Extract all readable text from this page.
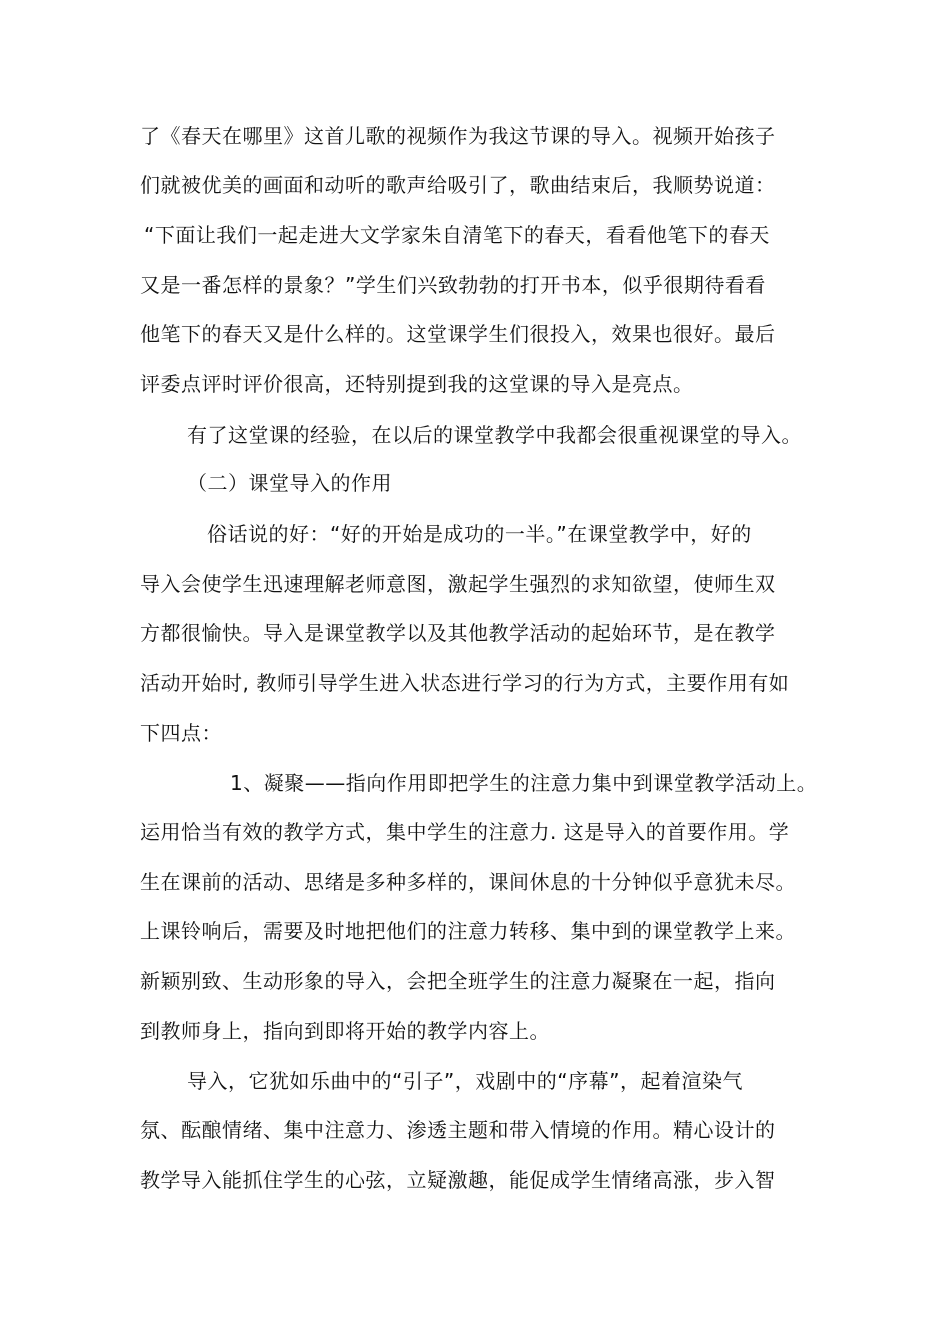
了《春天在哪里》这首儿歌的视频作为我这节课的导入。视频开始孩子
们就被优美的画面和动听的歌声给吸引了，歌曲结束后，我顺势说道：
“下面让我们一起走进大文学家朱自清笔下的春天，看看他笔下的春天
又是一番怎样的景象？”学生们兴致勃勃的打开书本，似乎很期待看看
他笔下的春天又是什么样的。这堂课学生们很投入，效果也很好。最后
评委点评时评价很高，还特别提到我的这堂课的导入是亮点。
有了这堂课的经验，在以后的课堂教学中我都会很重视课堂的导入。
（二）课堂导入的作用
俗话说的好：“好的开始是成功的一半。”在课堂教学中，好的
导入会使学生迅速理解老师意图，激起学生强烈的求知欲望，使师生双
方都很愉快。导入是课堂教学以及其他教学活动的起始环节，是在教学
活动开始时, 教师引导学生进入状态进行学习的行为方式，主要作用有如
下四点：
1、凝聚——指向作用即把学生的注意力集中到课堂教学活动上。
运用恰当有效的教学方式，集中学生的注意力. 这是导入的首要作用。学
生在课前的活动、思绪是多种多样的，课间休息的十分钟似乎意犹未尽。
上课铃响后，需要及时地把他们的注意力转移、集中到的课堂教学上来。
新颖别致、生动形象的导入，会把全班学生的注意力凝聚在一起，指向
到教师身上，指向到即将开始的教学内容上。
导入，它犹如乐曲中的“引子”，戏剧中的“序幕”，起着渲染气
氛、酝酿情绪、集中注意力、渗透主题和带入情境的作用。精心设计的
教学导入能抓住学生的心弦，立疑激趣，能促成学生情绪高涨，步入智
